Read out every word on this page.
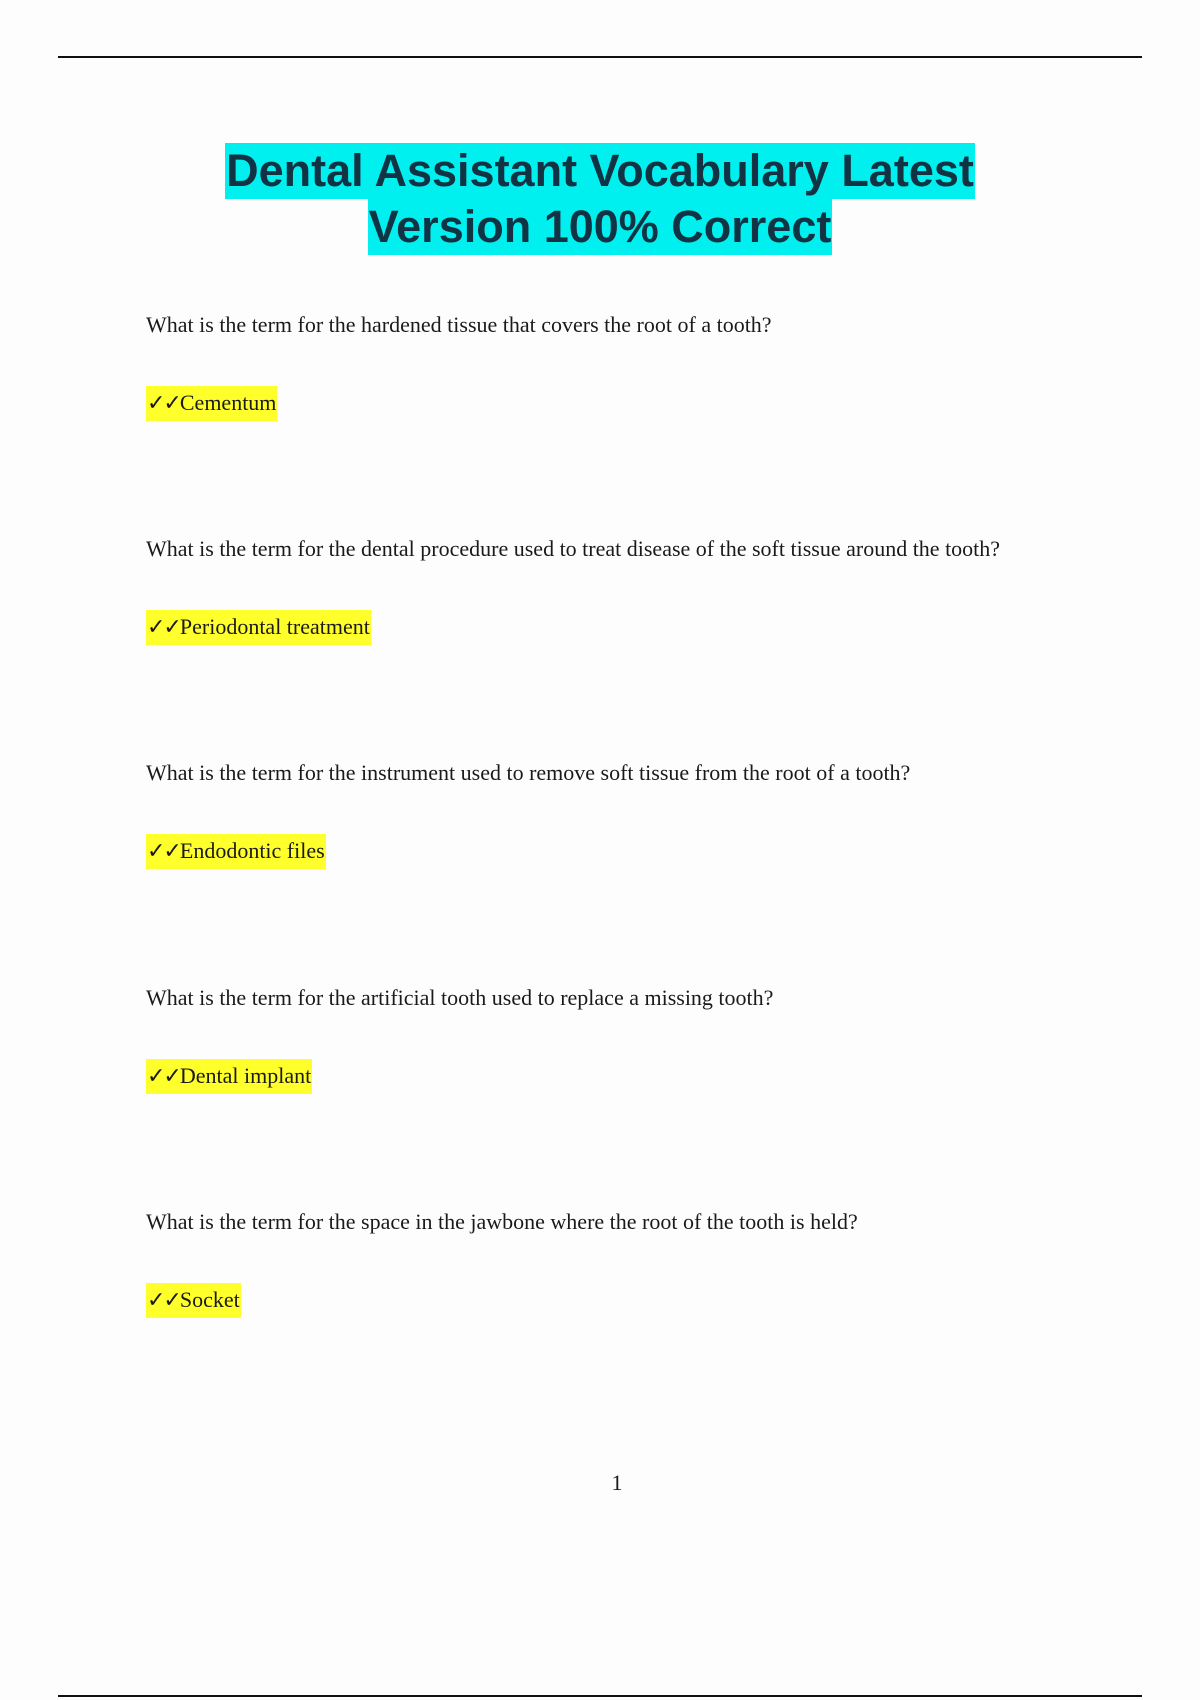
Dental Assistant Vocabulary Latest
Version 100% Correct

What is the term for the hardened tissue that covers the root of a tooth?

✓✓Cementum

What is the term for the dental procedure used to treat disease of the soft tissue around the tooth?

✓✓Periodontal treatment

What is the term for the instrument used to remove soft tissue from the root of a tooth?

✓✓Endodontic files

What is the term for the artificial tooth used to replace a missing tooth?

✓✓Dental implant

What is the term for the space in the jawbone where the root of the tooth is held?

✓✓Socket
1
